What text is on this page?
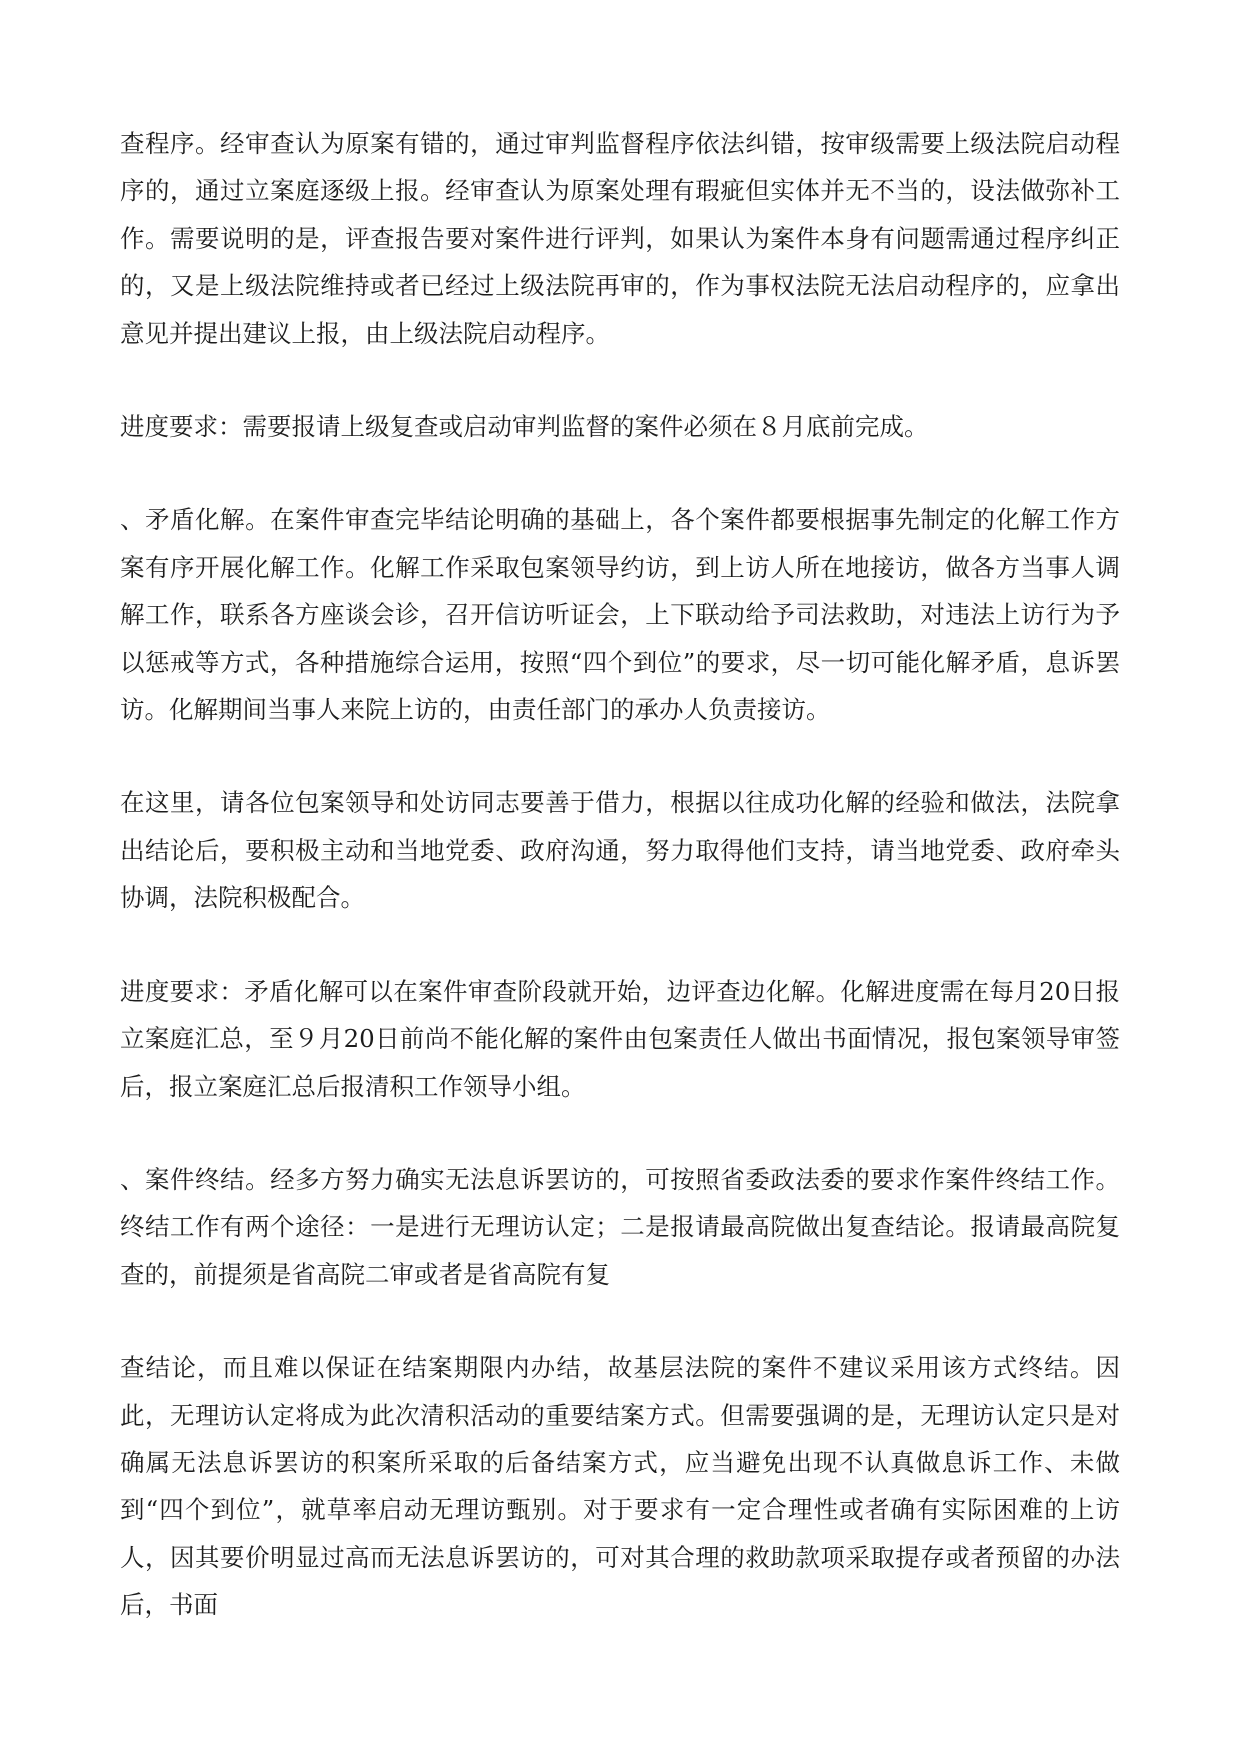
查程序。经审查认为原案有错的，通过审判监督程序依法纠错，按审级需要上级法院启动程序的，通过立案庭逐级上报。经审查认为原案处理有瑕疵但实体并无不当的，设法做弥补工作。需要说明的是，评查报告要对案件进行评判，如果认为案件本身有问题需通过程序纠正的，又是上级法院维持或者已经过上级法院再审的，作为事权法院无法启动程序的，应拿出意见并提出建议上报，由上级法院启动程序。

进度要求：需要报请上级复查或启动审判监督的案件必须在８月底前完成。

、矛盾化解。在案件审查完毕结论明确的基础上，各个案件都要根据事先制定的化解工作方案有序开展化解工作。化解工作采取包案领导约访，到上访人所在地接访，做各方当事人调解工作，联系各方座谈会诊，召开信访听证会，上下联动给予司法救助，对违法上访行为予以惩戒等方式，各种措施综合运用，按照“四个到位”的要求，尽一切可能化解矛盾，息诉罢访。化解期间当事人来院上访的，由责任部门的承办人负责接访。

在这里，请各位包案领导和处访同志要善于借力，根据以往成功化解的经验和做法，法院拿出结论后，要积极主动和当地党委、政府沟通，努力取得他们支持，请当地党委、政府牵头协调，法院积极配合。

进度要求：矛盾化解可以在案件审查阶段就开始，边评查边化解。化解进度需在每月20日报立案庭汇总，至９月20日前尚不能化解的案件由包案责任人做出书面情况，报包案领导审签后，报立案庭汇总后报清积工作领导小组。

、案件终结。经多方努力确实无法息诉罢访的，可按照省委政法委的要求作案件终结工作。终结工作有两个途径：一是进行无理访认定；二是报请最高院做出复查结论。报请最高院复查的，前提须是省高院二审或者是省高院有复

查结论，而且难以保证在结案期限内办结，故基层法院的案件不建议采用该方式终结。因此，无理访认定将成为此次清积活动的重要结案方式。但需要强调的是，无理访认定只是对确属无法息诉罢访的积案所采取的后备结案方式，应当避免出现不认真做息诉工作、未做到“四个到位”，就草率启动无理访甄别。对于要求有一定合理性或者确有实际困难的上访人，因其要价明显过高而无法息诉罢访的，可对其合理的救助款项采取提存或者预留的办法后，书面
